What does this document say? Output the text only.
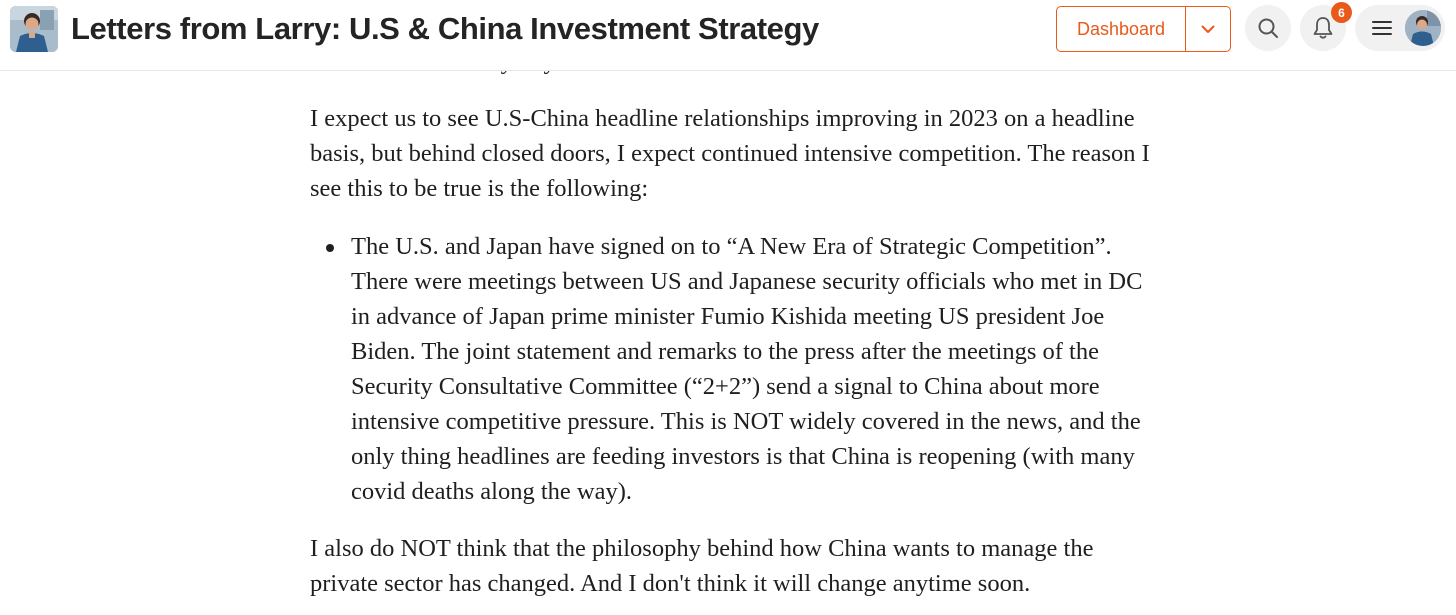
Letters from Larry: U.S & China Investment Strategy	Dashboard
6

I expect us to see U.S-China headline relationships improving in 2023 on a headline basis, but behind closed doors, I expect continued intensive competition. The reason I see this to be true is the following:

The U.S. and Japan have signed on to “A New Era of Strategic Competition”. There were meetings between US and Japanese security officials who met in DC in advance of Japan prime minister Fumio Kishida meeting US president Joe Biden. The joint statement and remarks to the press after the meetings of the Security Consultative Committee (“2+2”) send a signal to China about more intensive competitive pressure. This is NOT widely covered in the news, and the only thing headlines are feeding investors is that China is reopening (with many covid deaths along the way).

I also do NOT think that the philosophy behind how China wants to manage the private sector has changed. And I don't think it will change anytime soon.
